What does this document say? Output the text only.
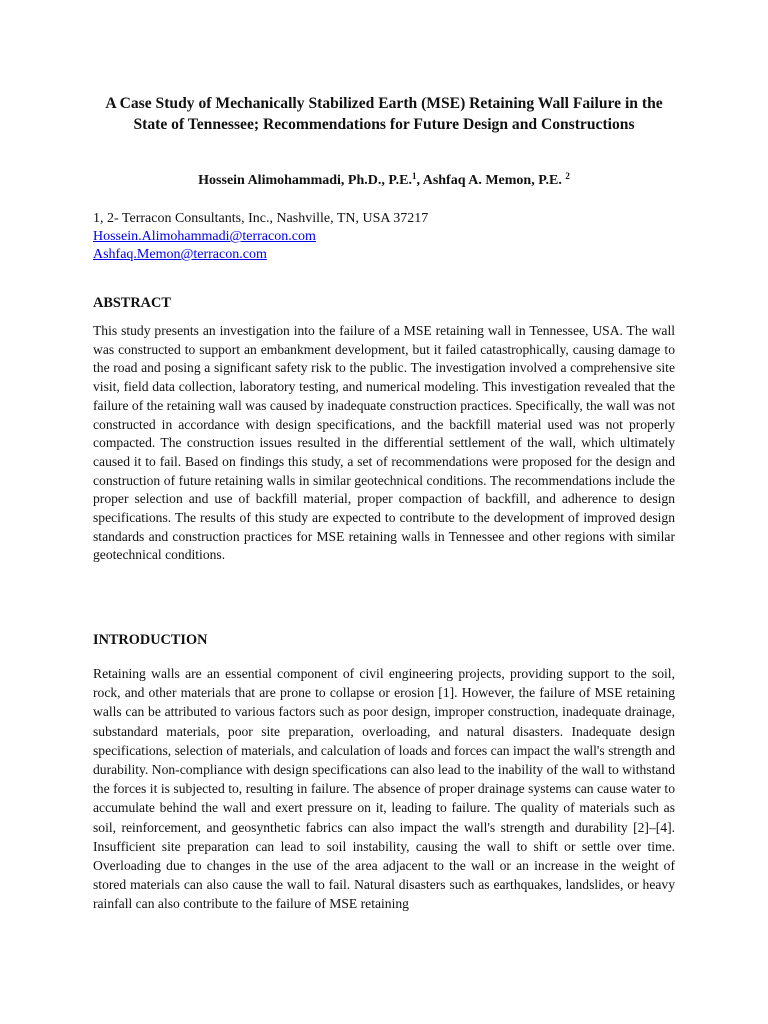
A Case Study of Mechanically Stabilized Earth (MSE) Retaining Wall Failure in the State of Tennessee; Recommendations for Future Design and Constructions

Hossein Alimohammadi, Ph.D., P.E.$^1$, Ashfaq A. Memon, P.E. $^2$

1, 2- Terracon Consultants, Inc., Nashville, TN, USA 37217

Hossein.Alimohammadi@terracon.com
Ashfaq.Memon@terracon.com
ABSTRACT

This study presents an investigation into the failure of a MSE retaining wall in Tennessee, USA. The wall was constructed to support an embankment development, but it failed catastrophically, causing damage to the road and posing a significant safety risk to the public. The investigation involved a comprehensive site visit, field data collection, laboratory testing, and numerical modeling. This investigation revealed that the failure of the retaining wall was caused by inadequate construction practices. Specifically, the wall was not constructed in accordance with design specifications, and the backfill material used was not properly compacted. The construction issues resulted in the differential settlement of the wall, which ultimately caused it to fail. Based on findings this study, a set of recommendations were proposed for the design and construction of future retaining walls in similar geotechnical conditions. The recommendations include the proper selection and use of backfill material, proper compaction of backfill, and adherence to design specifications. The results of this study are expected to contribute to the development of improved design standards and construction practices for MSE retaining walls in Tennessee and other regions with similar geotechnical conditions.

INTRODUCTION

Retaining walls are an essential component of civil engineering projects, providing support to the soil, rock, and other materials that are prone to collapse or erosion [1]. However, the failure of MSE retaining walls can be attributed to various factors such as poor design, improper construction, inadequate drainage, substandard materials, poor site preparation, overloading, and natural disasters. Inadequate design specifications, selection of materials, and calculation of loads and forces can impact the wall's strength and durability. Non-compliance with design specifications can also lead to the inability of the wall to withstand the forces it is subjected to, resulting in failure. The absence of proper drainage systems can cause water to accumulate behind the wall and exert pressure on it, leading to failure. The quality of materials such as soil, reinforcement, and geosynthetic fabrics can also impact the wall's strength and durability [2]–[4]. Insufficient site preparation can lead to soil instability, causing the wall to shift or settle over time. Overloading due to changes in the use of the area adjacent to the wall or an increase in the weight of stored materials can also cause the wall to fail. Natural disasters such as earthquakes, landslides, or heavy rainfall can also contribute to the failure of MSE retaining
